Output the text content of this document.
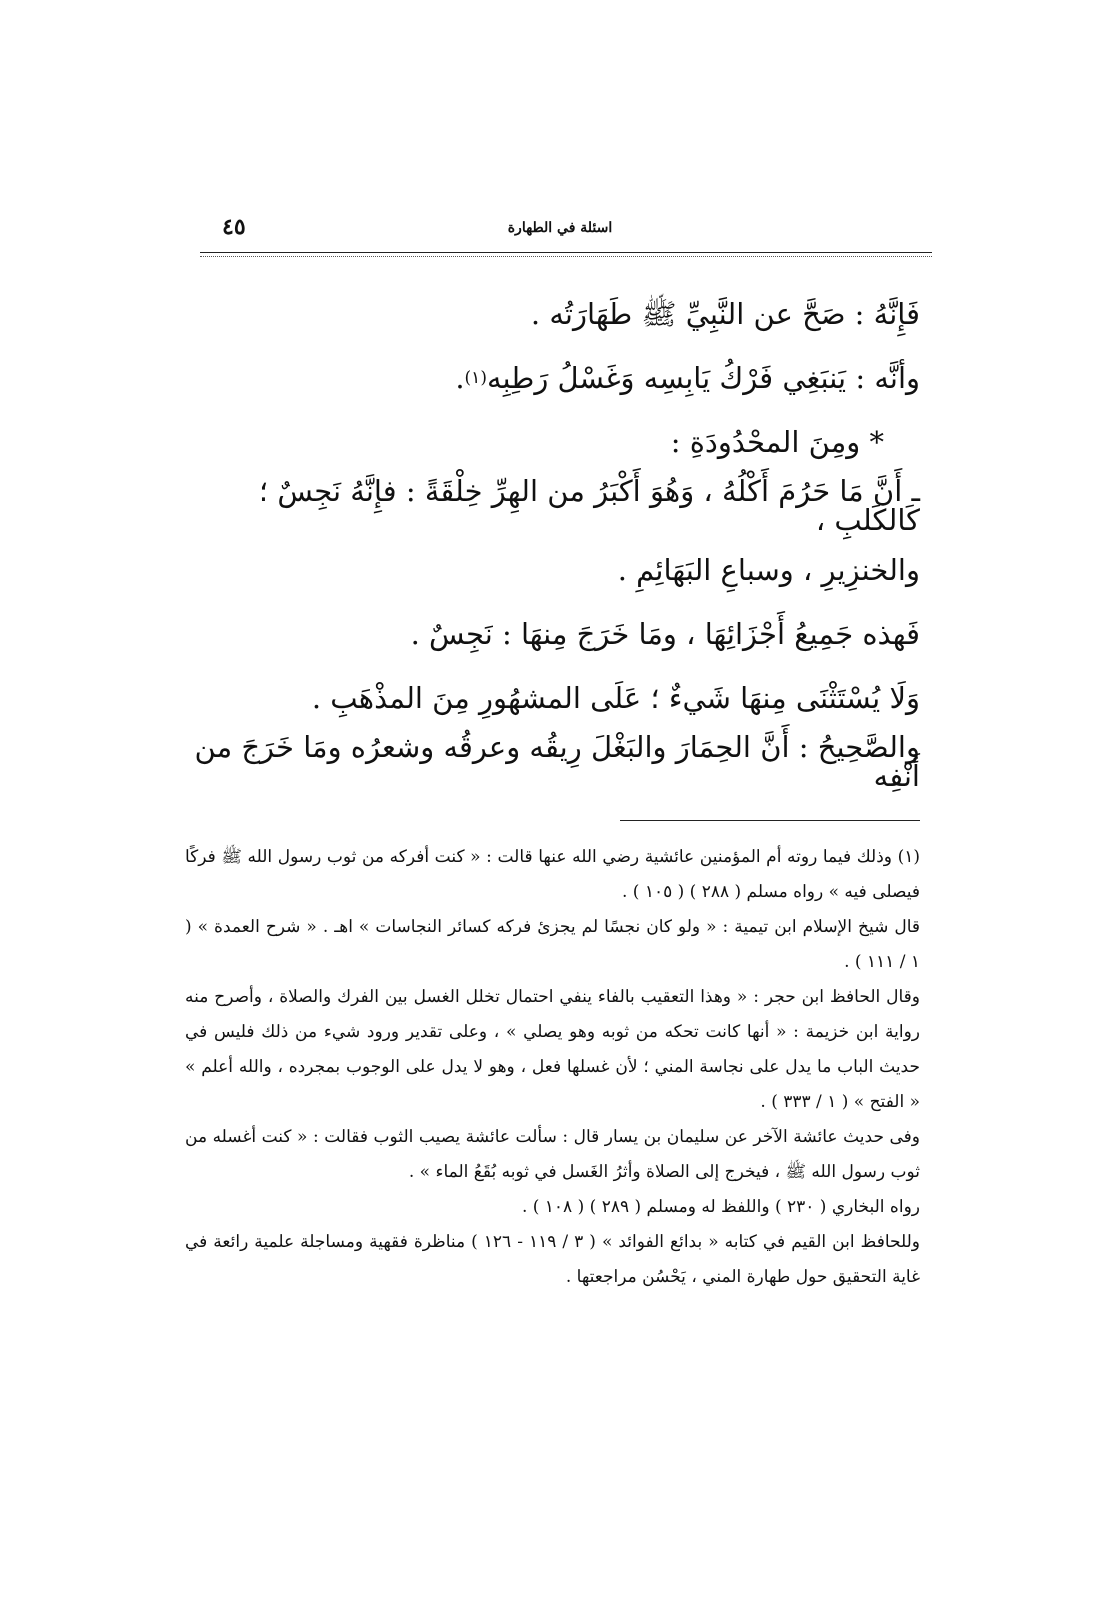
٤٥	اسئلة في الطهارة

فَإِنَّهُ : صَحَّ عن النَّبِيِّ ﷺ طَهَارَتُه .

وأنَّه : يَنبَغِي فَرْكُ يَابِسِه وَغَسْلُ رَطِبِه
(١)
.

* ومِنَ المحْدُودَةِ :

ـ أَنَّ مَا حَرُمَ أَكْلُهُ ، وَهُوَ أَكْبَرُ من الهِرِّ خِلْقَةً : فإِنَّهُ نَجِسٌ ؛ كَالكَلبِ ،

والخنزِيرِ ، وسباعِ البَهَائِمِ .

فَهذه جَمِيعُ أَجْزَائِهَا ، ومَا خَرَجَ مِنهَا : نَجِسٌ .

وَلَا يُسْتَثْنَى مِنهَا شَيءٌ ؛ عَلَى المشهُورِ مِنَ المذْهَبِ .

والصَّحِيحُ : أَنَّ الحِمَارَ والبَغْلَ رِيقُه وعرقُه وشعرُه ومَا خَرَجَ من أَنْفِه

(١) وذلك فيما روته أم المؤمنين عائشية رضي الله عنها قالت : « كنت أفركه من ثوب رسول الله ﷺ فركًا فيصلى فيه » رواه مسلم ( ٢٨٨ ) ( ١٠٥ ) .

قال شيخ الإسلام ابن تيمية : « ولو كان نجسًا لم يجزئ فركه كسائر النجاسات » اهـ . « شرح العمدة » ( ١ / ١١١ ) .

وقال الحافظ ابن حجر : « وهذا التعقيب بالفاء ينفي احتمال تخلل الغسل بين الفرك والصلاة ، وأصرح منه رواية ابن خزيمة : « أنها كانت تحكه من ثوبه وهو يصلي » ، وعلى تقدير ورود شيء من ذلك فليس في حديث الباب ما يدل على نجاسة المني ؛ لأن غسلها فعل ، وهو لا يدل على الوجوب بمجرده ، والله أعلم » « الفتح » ( ١ / ٣٣٣ ) .

وفى حديث عائشة الآخر عن سليمان بن يسار قال : سألت عائشة يصيب الثوب فقالت : « كنت أغسله من ثوب رسول الله ﷺ ، فيخرج إلى الصلاة وأثرُ الغَسل في ثوبه بُقَعُ الماء » .

رواه البخاري ( ٢٣٠ ) واللفظ له ومسلم ( ٢٨٩ ) ( ١٠٨ ) .

وللحافظ ابن القيم في كتابه « بدائع الفوائد » ( ٣ / ١١٩ - ١٢٦ ) مناظرة فقهية ومساجلة علمية رائعة في غاية التحقيق حول طهارة المني ، يَحْسُن مراجعتها .
